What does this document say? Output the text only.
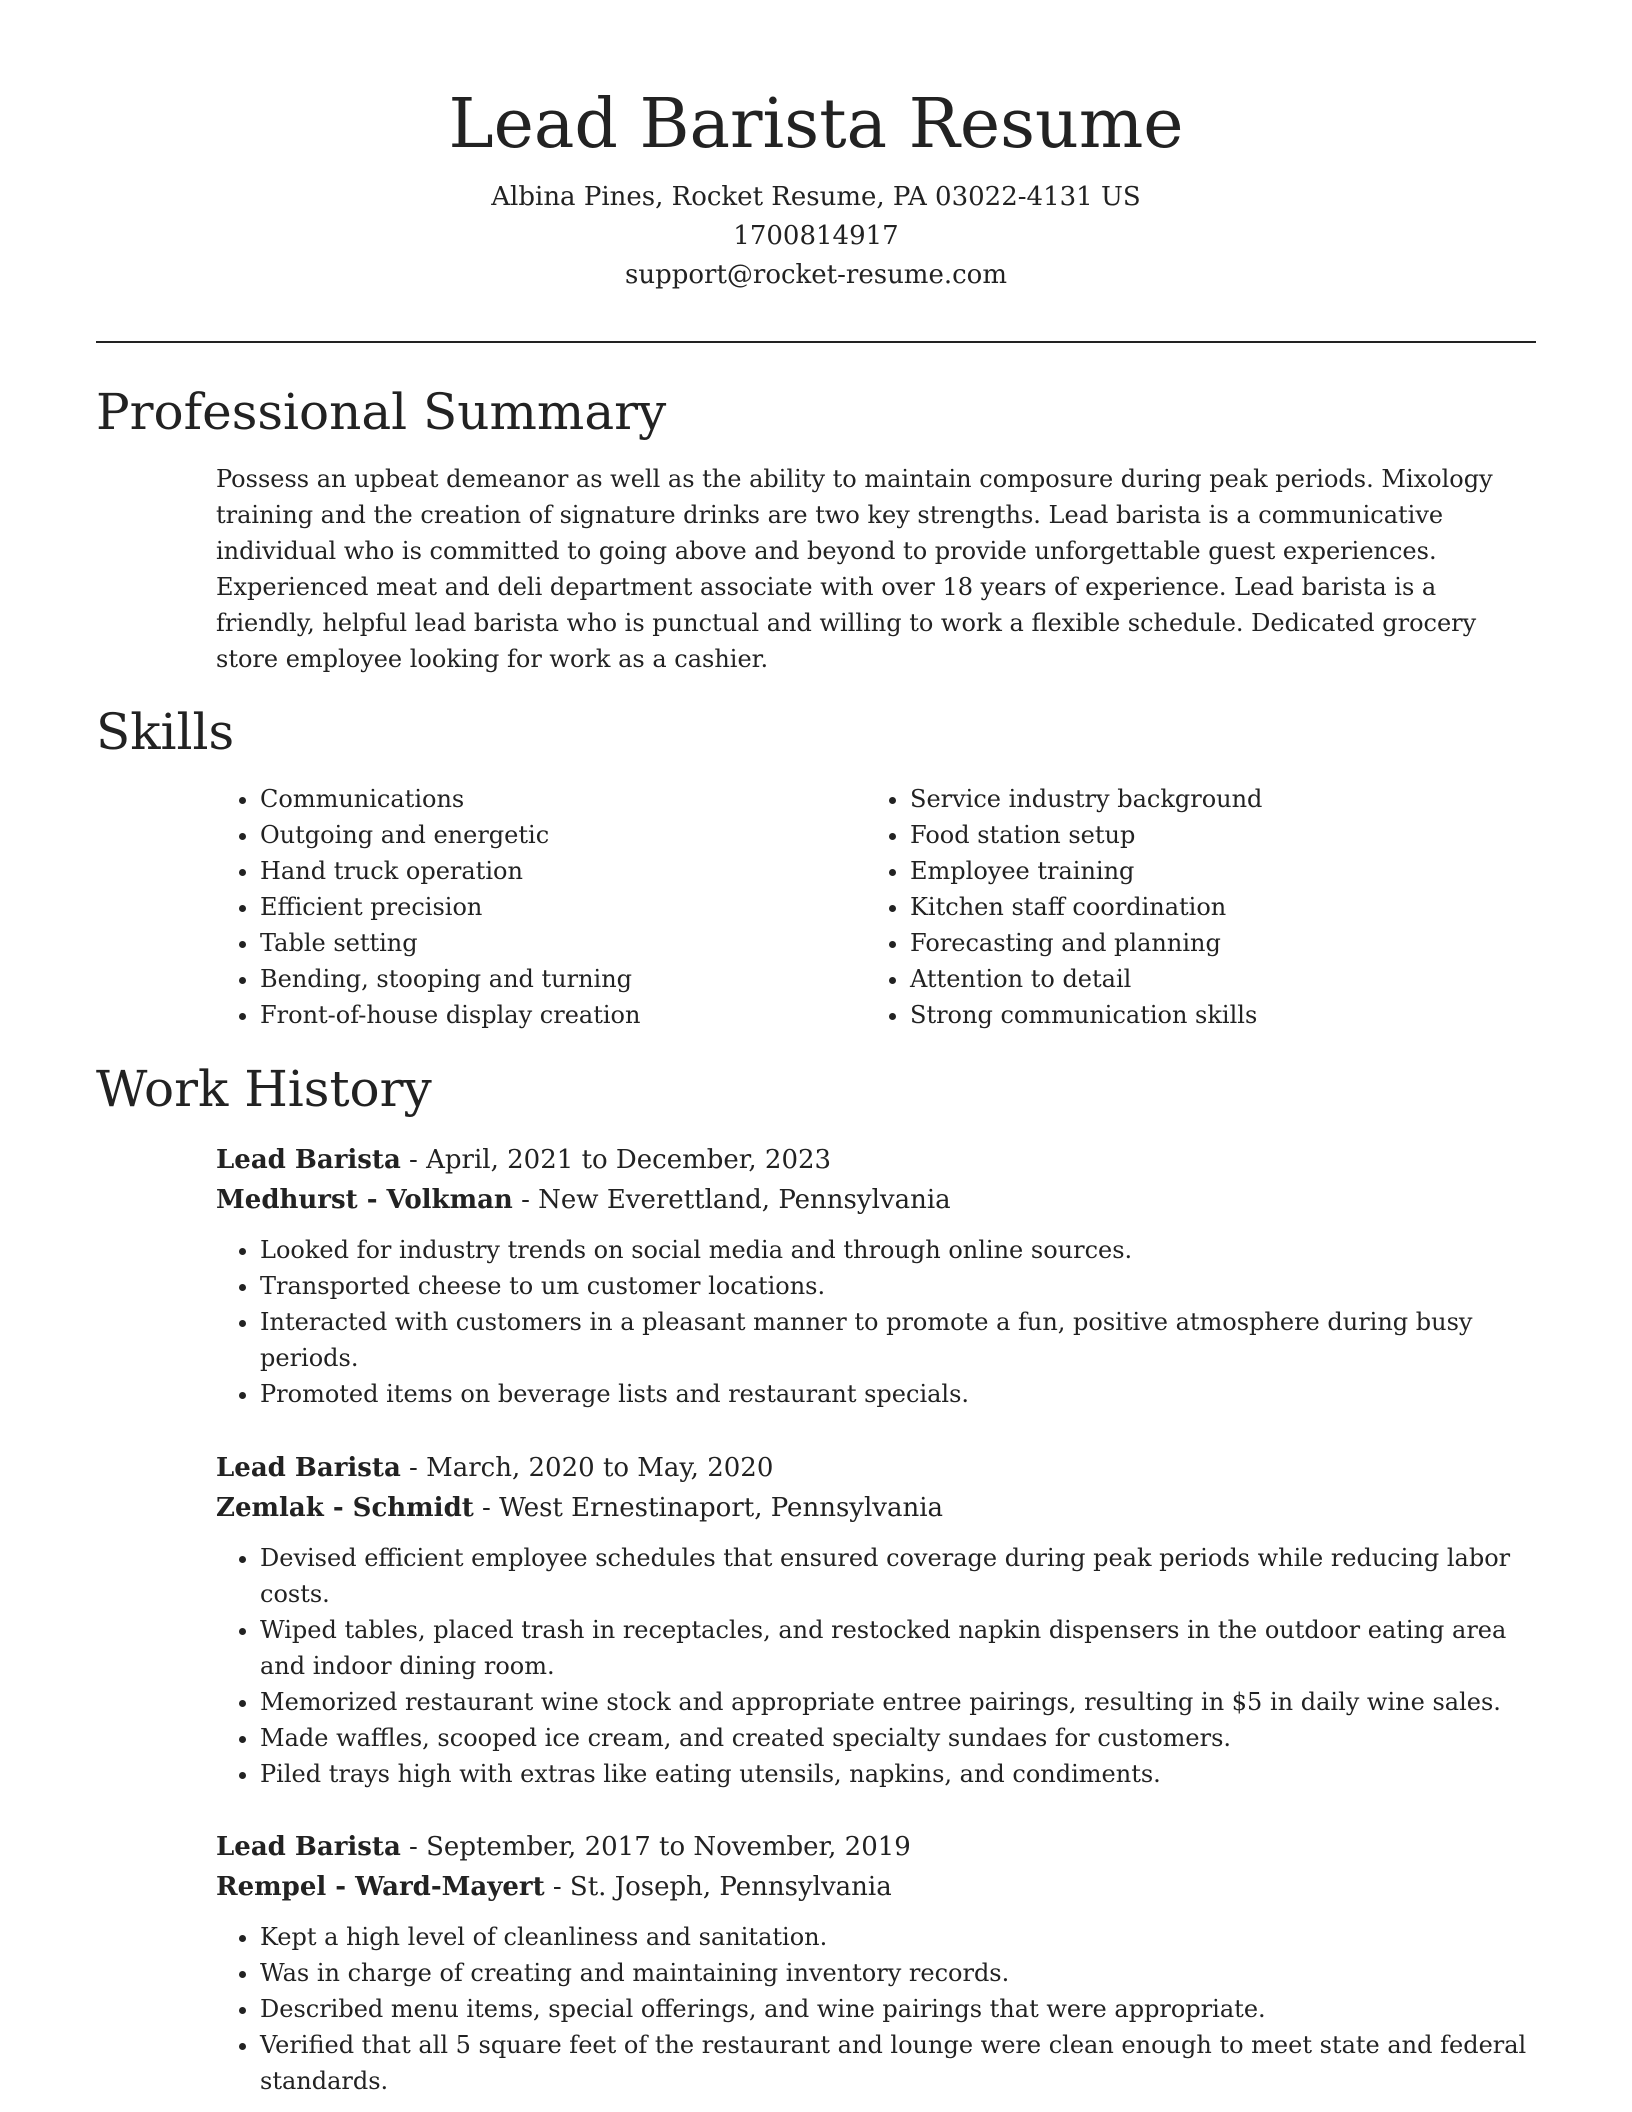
Lead Barista Resume
Albina Pines, Rocket Resume, PA 03022-4131 US
1700814917
support@rocket-resume.com
Professional Summary

Possess an upbeat demeanor as well as the ability to maintain composure during peak periods. Mixology training and the creation of signature drinks are two key strengths. Lead barista is a communicative individual who is committed to going above and beyond to provide unforgettable guest experiences. Experienced meat and deli department associate with over 18 years of experience. Lead barista is a friendly, helpful lead barista who is punctual and willing to work a flexible schedule. Dedicated grocery store employee looking for work as a cashier.

Skills
• Communications
• Outgoing and energetic
• Hand truck operation
• Efficient precision
• Table setting
• Bending, stooping and turning
• Front-of-house display creation
• Service industry background
• Food station setup
• Employee training
• Kitchen staff coordination
• Forecasting and planning
• Attention to detail
• Strong communication skills
Work History
Lead Barista - April, 2021 to December, 2023
Medhurst - Volkman - New Everettland, Pennsylvania
• Looked for industry trends on social media and through online sources.
• Transported cheese to um customer locations.
• Interacted with customers in a pleasant manner to promote a fun, positive atmosphere during busy periods.
• Promoted items on beverage lists and restaurant specials.
Lead Barista - March, 2020 to May, 2020
Zemlak - Schmidt - West Ernestinaport, Pennsylvania
• Devised efficient employee schedules that ensured coverage during peak periods while reducing labor costs.
• Wiped tables, placed trash in receptacles, and restocked napkin dispensers in the outdoor eating area and indoor dining room.
• Memorized restaurant wine stock and appropriate entree pairings, resulting in $5 in daily wine sales.
• Made waffles, scooped ice cream, and created specialty sundaes for customers.
• Piled trays high with extras like eating utensils, napkins, and condiments.
Lead Barista - September, 2017 to November, 2019
Rempel - Ward-Mayert - St. Joseph, Pennsylvania
• Kept a high level of cleanliness and sanitation.
• Was in charge of creating and maintaining inventory records.
• Described menu items, special offerings, and wine pairings that were appropriate.
• Verified that all 5 square feet of the restaurant and lounge were clean enough to meet state and federal standards.
